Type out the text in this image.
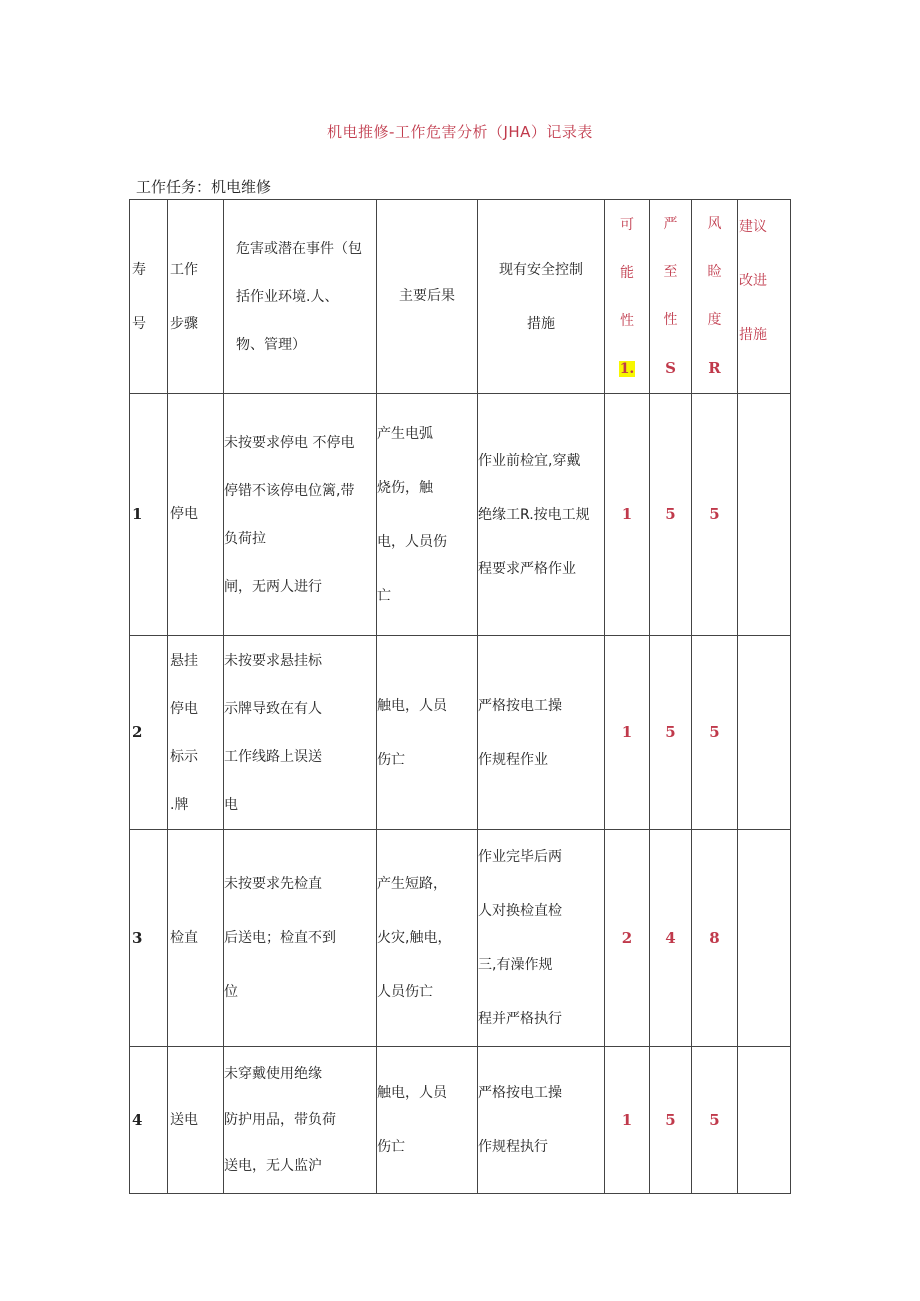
机电推修-工作危害分析（JHA）记录表
工作任务：机电维修
寿
号	工作
步骤	危害或潜在事件（包
括作业环境.人、
物、管理）	主要后果	现有安全控制
措施	可
能
性
1.	严
至
性
S	风
睑
度
R	建议
改进
措施
1	停电	未按要求停电 不停电
停错不该停电位篱,带
负荷拉
闸，无两人进行	产生电弧
烧伤，触
电，人员伤
亡	作业前检宜,穿戴
绝缘工R.按电工规
程要求严格作业	1	5	5	
2	悬挂
停电
标示
.牌	未按要求悬挂标
示牌导致在有人
工作线路上误送
电	触电，人员
伤亡	严格按电工操
作规程作业	1	5	5	
3	检直	未按要求先检直
后送电；检直不到
位	产生短路，
火灾,触电，
人员伤亡	作业完毕后两
人对换检直检
三,有澡作规
程并严格执行	2	4	8	
4	送电	未穿戴使用绝缘
防护用品，带负荷
送电，无人监沪	触电，人员
伤亡	严格按电工操
作规程执行	1	5	5	
